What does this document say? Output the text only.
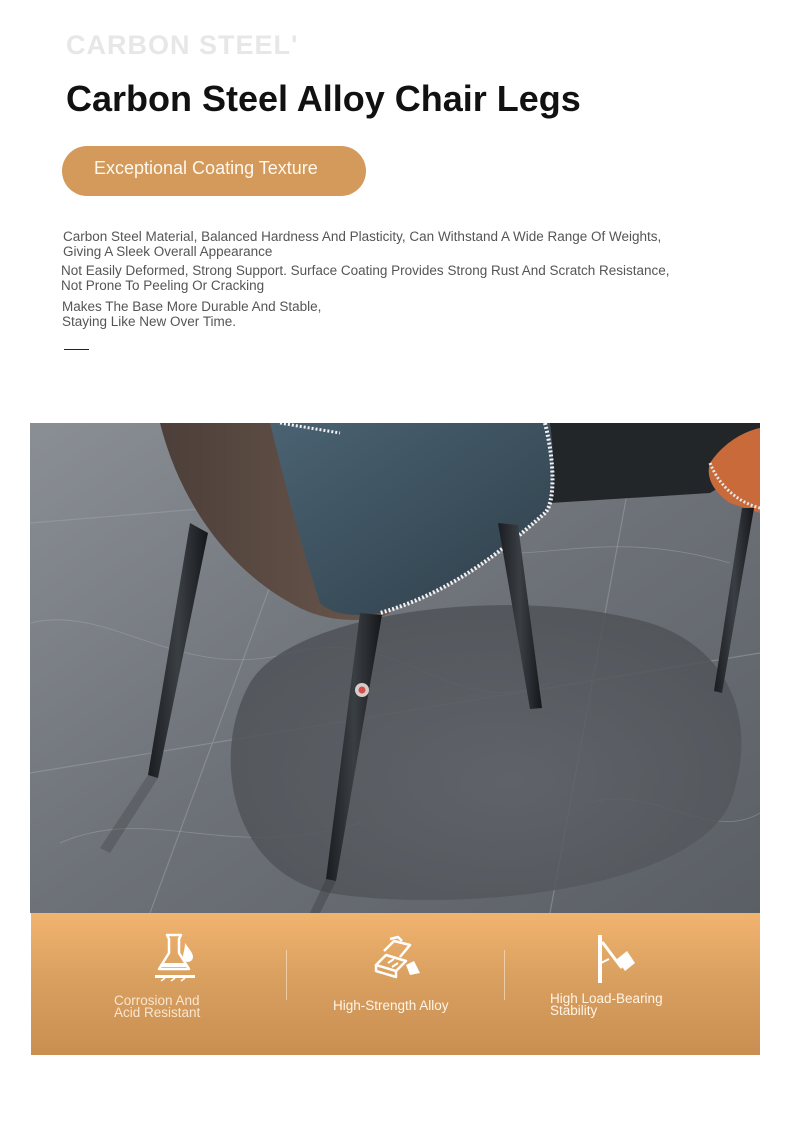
CARBON STEEL'
Carbon Steel Alloy Chair Legs
Exceptional Coating Texture
Carbon Steel Material, Balanced Hardness And Plasticity, Can Withstand A Wide Range Of Weights,
Giving A Sleek Overall Appearance
Not Easily Deformed, Strong Support. Surface Coating Provides Strong Rust And Scratch Resistance,
Not Prone To Peeling Or Cracking
Makes The Base More Durable And Stable,
Staying Like New Over Time.
Corrosion And
Acid Resistant	High-Strength Alloy	High Load-Bearing
Stability
